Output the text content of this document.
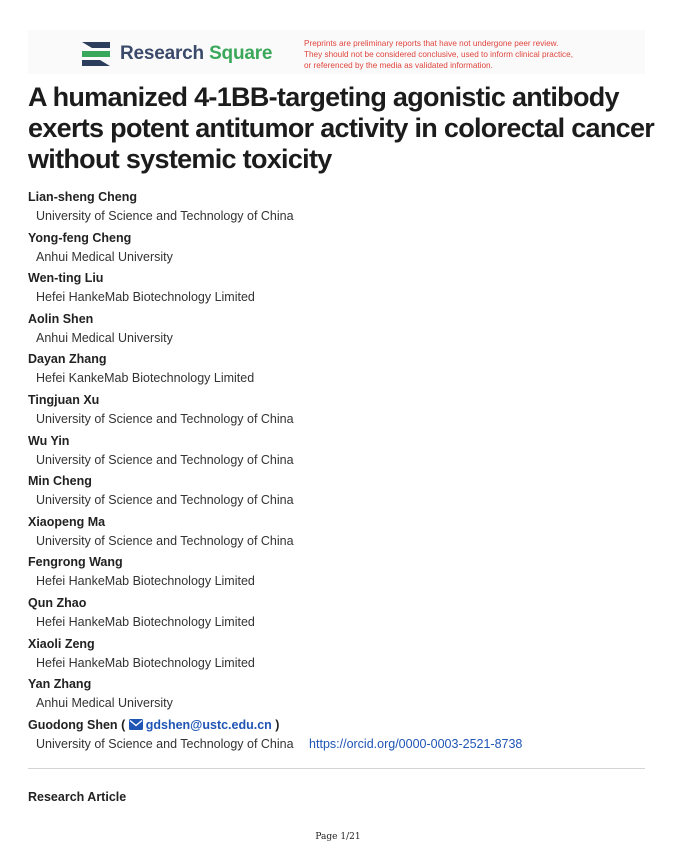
Research Square	Preprints are preliminary reports that have not undergone peer review.
They should not be considered conclusive, used to inform clinical practice,
or referenced by the media as validated information.
A humanized 4-1BB-targeting agonistic antibody
exerts potent antitumor activity in colorectal cancer
without systemic toxicity
Lian-sheng Cheng
University of Science and Technology of China
Yong-feng Cheng
Anhui Medical University
Wen-ting Liu
Hefei HankeMab Biotechnology Limited
Aolin Shen
Anhui Medical University
Dayan Zhang
Hefei KankeMab Biotechnology Limited
Tingjuan Xu
University of Science and Technology of China
Wu Yin
University of Science and Technology of China
Min Cheng
University of Science and Technology of China
Xiaopeng Ma
University of Science and Technology of China
Fengrong Wang
Hefei HankeMab Biotechnology Limited
Qun Zhao
Hefei HankeMab Biotechnology Limited
Xiaoli Zeng
Hefei HankeMab Biotechnology Limited
Yan Zhang
Anhui Medical University
Guodong Shen ( gdshen@ustc.edu.cn )
University of Science and Technology of China https://orcid.org/0000-0003-2521-8738
Research Article
Page 1/21
